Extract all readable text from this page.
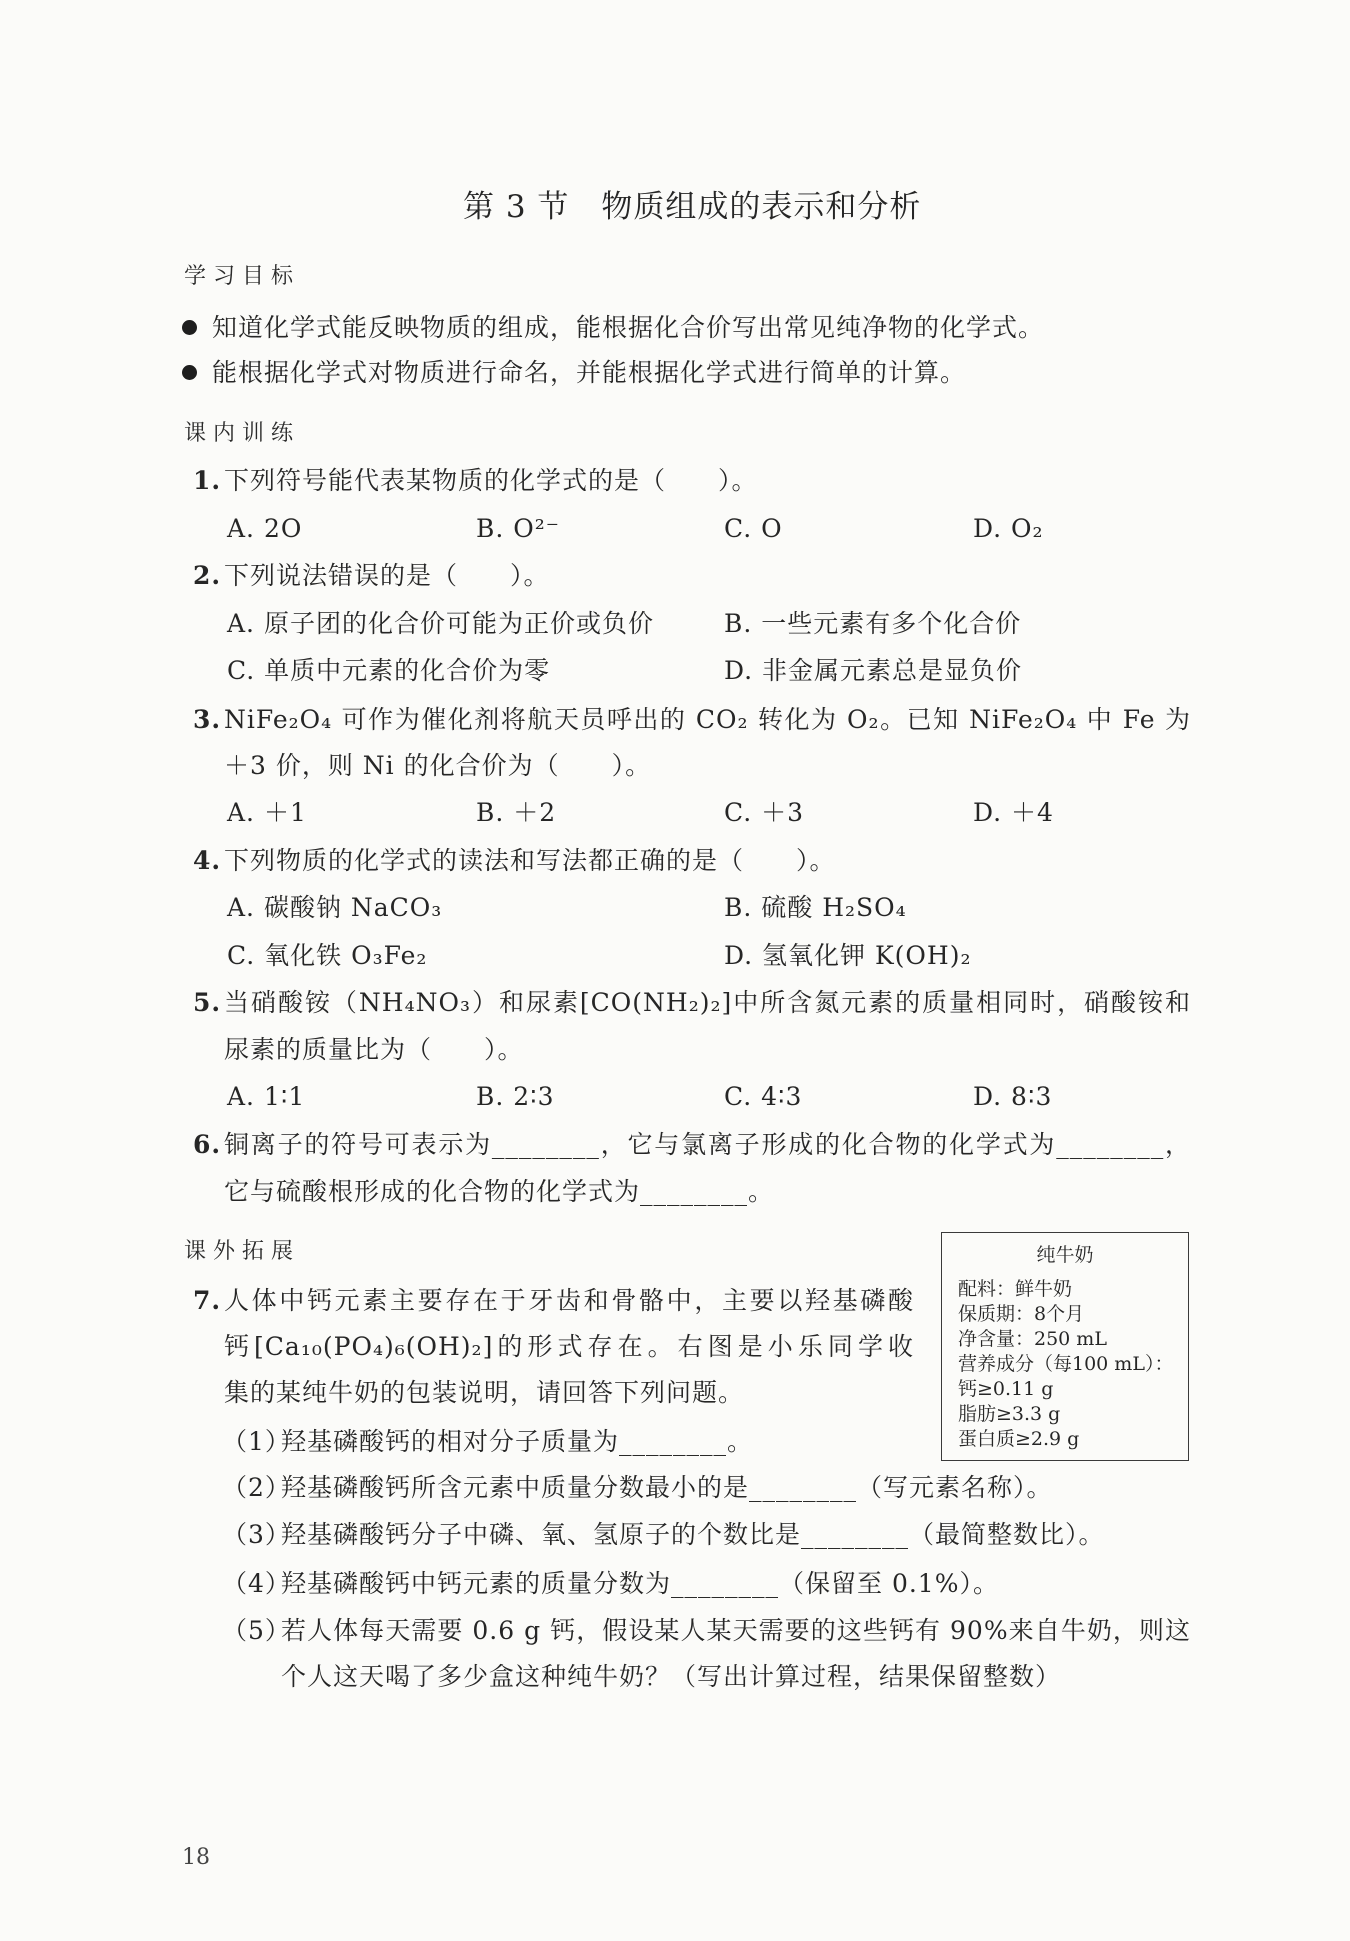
第 3 节　物质组成的表示和分析
学习目标
知道化学式能反映物质的组成，能根据化合价写出常见纯净物的化学式。
能根据化学式对物质进行命名，并能根据化学式进行简单的计算。
课内训练
1. 下列符号能代表某物质的化学式的是（　　）。
A. 2O	B. O²⁻	C. O	D. O₂
2. 下列说法错误的是（　　）。
A. 原子团的化合价可能为正价或负价	B. 一些元素有多个化合价
C. 单质中元素的化合价为零	D. 非金属元素总是显负价
3. NiFe₂O₄ 可作为催化剂将航天员呼出的 CO₂ 转化为 O₂。已知 NiFe₂O₄ 中 Fe 为
＋3 价，则 Ni 的化合价为（　　）。
A. ＋1	B. ＋2	C. ＋3	D. ＋4
4. 下列物质的化学式的读法和写法都正确的是（　　）。
A. 碳酸钠 NaCO₃	B. 硫酸 H₂SO₄
C. 氧化铁 O₃Fe₂	D. 氢氧化钾 K(OH)₂
5. 当硝酸铵（NH₄NO₃）和尿素[CO(NH₂)₂]中所含氮元素的质量相同时，硝酸铵和
尿素的质量比为（　　）。
A. 1∶1	B. 2∶3	C. 4∶3	D. 8∶3
6. 铜离子的符号可表示为________，它与氯离子形成的化合物的化学式为________，
它与硫酸根形成的化合物的化学式为________。
课外拓展	纯牛奶
配料：鲜牛奶
保质期：8个月
净含量：250 mL
营养成分（每100 mL）：
钙≥0.11 g
脂肪≥3.3 g
蛋白质≥2.9 g
7. 人体中钙元素主要存在于牙齿和骨骼中，主要以羟基磷酸
钙[Ca₁₀(PO₄)₆(OH)₂]的形式存在。右图是小乐同学收
集的某纯牛奶的包装说明，请回答下列问题。
（1）
羟基磷酸钙的相对分子质量为________。
（2）
羟基磷酸钙所含元素中质量分数最小的是________（写元素名称）。
（3）
羟基磷酸钙分子中磷、氧、氢原子的个数比是________（最简整数比）。
（4）
羟基磷酸钙中钙元素的质量分数为________（保留至 0.1%）。
（5）
若人体每天需要 0.6 g 钙，假设某人某天需要的这些钙有 90%来自牛奶，则这
个人这天喝了多少盒这种纯牛奶？（写出计算过程，结果保留整数）
18
